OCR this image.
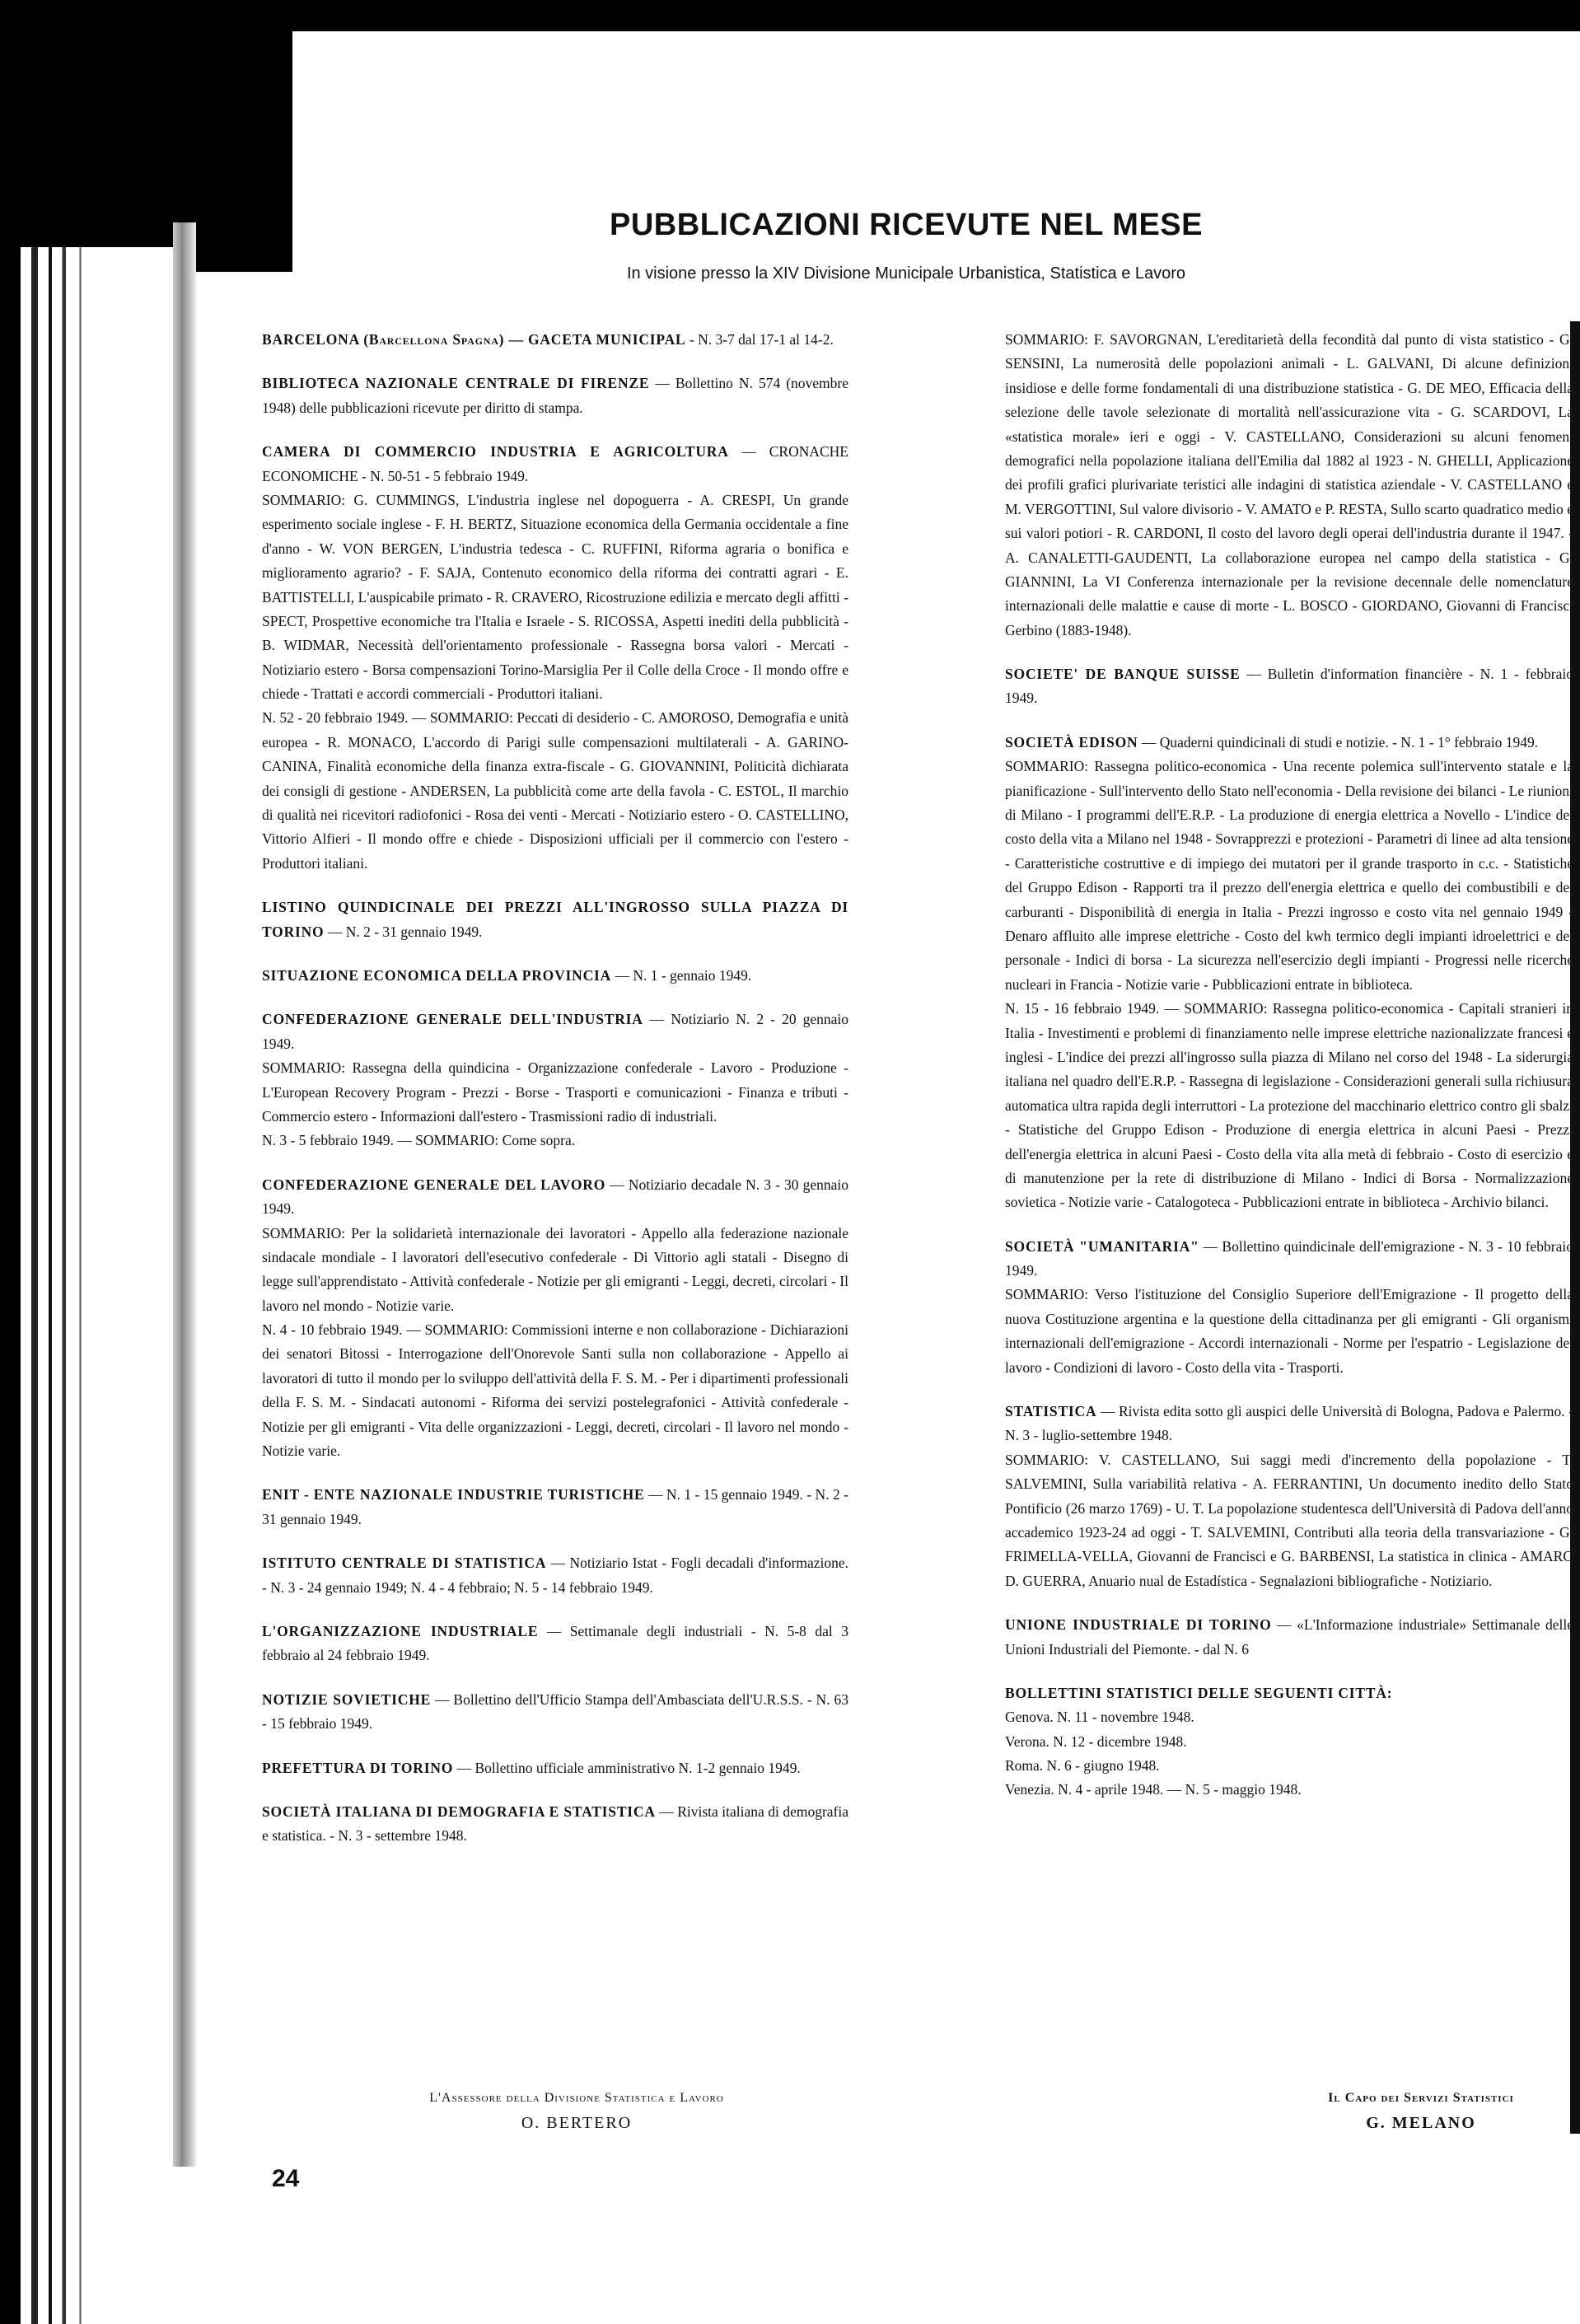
PUBBLICAZIONI RICEVUTE NEL MESE
In visione presso la XIV Divisione Municipale Urbanistica, Statistica e Lavoro

BARCELONA (Barcellona Spagna) — GACETA MUNICIPAL - N. 3-7 dal 17-1 al 14-2.

BIBLIOTECA NAZIONALE CENTRALE DI FIRENZE — Bollettino N. 574 (novembre 1948) delle pubblicazioni ricevute per diritto di stampa.

CAMERA DI COMMERCIO INDUSTRIA E AGRICOLTURA — CRONACHE ECONOMICHE - N. 50-51 - 5 febbraio 1949.

SOMMARIO: G. CUMMINGS, L'industria inglese nel dopoguerra - A. CRESPI, Un grande esperimento sociale inglese - F. H. BERTZ, Situazione economica della Germania occidentale a fine d'anno - W. VON BERGEN, L'industria tedesca - C. RUFFINI, Riforma agraria o bonifica e miglioramento agrario? - F. SAJA, Contenuto economico della riforma dei contratti agrari - E. BATTISTELLI, L'auspicabile primato - R. CRAVERO, Ricostruzione edilizia e mercato degli affitti - SPECT, Prospettive economiche tra l'Italia e Israele - S. RICOSSA, Aspetti inediti della pubblicità - B. WIDMAR, Necessità dell'orientamento professionale - Rassegna borsa valori - Mercati - Notiziario estero - Borsa compensazioni Torino-Marsiglia Per il Colle della Croce - Il mondo offre e chiede - Trattati e accordi commerciali - Produttori italiani.

N. 52 - 20 febbraio 1949. — SOMMARIO: Peccati di desiderio - C. AMOROSO, Demografia e unità europea - R. MONACO, L'accordo di Parigi sulle compensazioni multilaterali - A. GARINO-CANINA, Finalità economiche della finanza extra-fiscale - G. GIOVANNINI, Politicità dichiarata dei consigli di gestione - ANDERSEN, La pubblicità come arte della favola - C. ESTOL, Il marchio di qualità nei ricevitori radiofonici - Rosa dei venti - Mercati - Notiziario estero - O. CASTELLINO, Vittorio Alfieri - Il mondo offre e chiede - Disposizioni ufficiali per il commercio con l'estero - Produttori italiani.

LISTINO QUINDICINALE DEI PREZZI ALL'INGROSSO SULLA PIAZZA DI TORINO — N. 2 - 31 gennaio 1949.

SITUAZIONE ECONOMICA DELLA PROVINCIA — N. 1 - gennaio 1949.

CONFEDERAZIONE GENERALE DELL'INDUSTRIA — Notiziario N. 2 - 20 gennaio 1949.

SOMMARIO: Rassegna della quindicina - Organizzazione confederale - Lavoro - Produzione - L'European Recovery Program - Prezzi - Borse - Trasporti e comunicazioni - Finanza e tributi - Commercio estero - Informazioni dall'estero - Trasmissioni radio di industriali.

N. 3 - 5 febbraio 1949. — SOMMARIO: Come sopra.

CONFEDERAZIONE GENERALE DEL LAVORO — Notiziario decadale N. 3 - 30 gennaio 1949.

SOMMARIO: Per la solidarietà internazionale dei lavoratori - Appello alla federazione nazionale sindacale mondiale - I lavoratori dell'esecutivo confederale - Di Vittorio agli statali - Disegno di legge sull'apprendistato - Attività confederale - Notizie per gli emigranti - Leggi, decreti, circolari - Il lavoro nel mondo - Notizie varie.

N. 4 - 10 febbraio 1949. — SOMMARIO: Commissioni interne e non collaborazione - Dichiarazioni dei senatori Bitossi - Interrogazione dell'Onorevole Santi sulla non collaborazione - Appello ai lavoratori di tutto il mondo per lo sviluppo dell'attività della F. S. M. - Per i dipartimenti professionali della F. S. M. - Sindacati autonomi - Riforma dei servizi postelegrafonici - Attività confederale - Notizie per gli emigranti - Vita delle organizzazioni - Leggi, decreti, circolari - Il lavoro nel mondo - Notizie varie.

ENIT - ENTE NAZIONALE INDUSTRIE TURISTICHE — N. 1 - 15 gennaio 1949. - N. 2 - 31 gennaio 1949.

ISTITUTO CENTRALE DI STATISTICA — Notiziario Istat - Fogli decadali d'informazione. - N. 3 - 24 gennaio 1949; N. 4 - 4 febbraio; N. 5 - 14 febbraio 1949.

L'ORGANIZZAZIONE INDUSTRIALE — Settimanale degli industriali - N. 5-8 dal 3 febbraio al 24 febbraio 1949.

NOTIZIE SOVIETICHE — Bollettino dell'Ufficio Stampa dell'Ambasciata dell'U.R.S.S. - N. 63 - 15 febbraio 1949.

PREFETTURA DI TORINO — Bollettino ufficiale amministrativo N. 1-2 gennaio 1949.

SOCIETÀ ITALIANA DI DEMOGRAFIA E STATISTICA — Rivista italiana di demografia e statistica. - N. 3 - settembre 1948.

SOMMARIO: F. SAVORGNAN, L'ereditarietà della fecondità dal punto di vista statistico - G. SENSINI, La numerosità delle popolazioni animali - L. GALVANI, Di alcune definizioni insidiose e delle forme fondamentali di una distribuzione statistica - G. DE MEO, Efficacia della selezione delle tavole selezionate di mortalità nell'assicurazione vita - G. SCARDOVI, La «statistica morale» ieri e oggi - V. CASTELLANO, Considerazioni su alcuni fenomeni demografici nella popolazione italiana dell'Emilia dal 1882 al 1923 - N. GHELLI, Applicazione dei profili grafici plurivariate teristici alle indagini di statistica aziendale - V. CASTELLANO e M. VERGOTTINI, Sul valore divisorio - V. AMATO e P. RESTA, Sullo scarto quadratico medio e sui valori potiori - R. CARDONI, Il costo del lavoro degli operai dell'industria durante il 1947. - A. CANALETTI-GAUDENTI, La collaborazione europea nel campo della statistica - G. GIANNINI, La VI Conferenza internazionale per la revisione decennale delle nomenclature internazionali delle malattie e cause di morte - L. BOSCO - GIORDANO, Giovanni di Francisci Gerbino (1883-1948).

SOCIETE' DE BANQUE SUISSE — Bulletin d'information financière - N. 1 - febbraio 1949.

SOCIETÀ EDISON — Quaderni quindicinali di studi e notizie. - N. 1 - 1° febbraio 1949.

SOMMARIO: Rassegna politico-economica - Una recente polemica sull'intervento statale e la pianificazione - Sull'intervento dello Stato nell'economia - Della revisione dei bilanci - Le riunioni di Milano - I programmi dell'E.R.P. - La produzione di energia elettrica a Novello - L'indice del costo della vita a Milano nel 1948 - Sovrapprezzi e protezioni - Parametri di linee ad alta tensione - Caratteristiche costruttive e di impiego dei mutatori per il grande trasporto in c.c. - Statistiche del Gruppo Edison - Rapporti tra il prezzo dell'energia elettrica e quello dei combustibili e dei carburanti - Disponibilità di energia in Italia - Prezzi ingrosso e costo vita nel gennaio 1949 - Denaro affluito alle imprese elettriche - Costo del kwh termico degli impianti idroelettrici e del personale - Indici di borsa - La sicurezza nell'esercizio degli impianti - Progressi nelle ricerche nucleari in Francia - Notizie varie - Pubblicazioni entrate in biblioteca.

N. 15 - 16 febbraio 1949. — SOMMARIO: Rassegna politico-economica - Capitali stranieri in Italia - Investimenti e problemi di finanziamento nelle imprese elettriche nazionalizzate francesi e inglesi - L'indice dei prezzi all'ingrosso sulla piazza di Milano nel corso del 1948 - La siderurgia italiana nel quadro dell'E.R.P. - Rassegna di legislazione - Considerazioni generali sulla richiusura automatica ultra rapida degli interruttori - La protezione del macchinario elettrico contro gli sbalzi - Statistiche del Gruppo Edison - Produzione di energia elettrica in alcuni Paesi - Prezzi dell'energia elettrica in alcuni Paesi - Costo della vita alla metà di febbraio - Costo di esercizio e di manutenzione per la rete di distribuzione di Milano - Indici di Borsa - Normalizzazione sovietica - Notizie varie - Catalogoteca - Pubblicazioni entrate in biblioteca - Archivio bilanci.

SOCIETÀ "UMANITARIA" — Bollettino quindicinale dell'emigrazione - N. 3 - 10 febbraio 1949.

SOMMARIO: Verso l'istituzione del Consiglio Superiore dell'Emigrazione - Il progetto della nuova Costituzione argentina e la questione della cittadinanza per gli emigranti - Gli organismi internazionali dell'emigrazione - Accordi internazionali - Norme per l'espatrio - Legislazione del lavoro - Condizioni di lavoro - Costo della vita - Trasporti.

STATISTICA — Rivista edita sotto gli auspici delle Università di Bologna, Padova e Palermo. - N. 3 - luglio-settembre 1948.

SOMMARIO: V. CASTELLANO, Sui saggi medi d'incremento della popolazione - T. SALVEMINI, Sulla variabilità relativa - A. FERRANTINI, Un documento inedito dello Stato Pontificio (26 marzo 1769) - U. T. La popolazione studentesca dell'Università di Padova dell'anno accademico 1923-24 ad oggi - T. SALVEMINI, Contributi alla teoria della transvariazione - G. FRIMELLA-VELLA, Giovanni de Francisci e G. BARBENSI, La statistica in clinica - AMARO D. GUERRA, Anuario nual de Estadística - Segnalazioni bibliografiche - Notiziario.

UNIONE INDUSTRIALE DI TORINO — «L'Informazione industriale» Settimanale delle Unioni Industriali del Piemonte. - dal N. 6

BOLLETTINI STATISTICI DELLE SEGUENTI CITTÀ:

Genova. N. 11 - novembre 1948.

Verona. N. 12 - dicembre 1948.

Roma. N. 6 - giugno 1948.

Venezia. N. 4 - aprile 1948. — N. 5 - maggio 1948.

L'Assessore della Divisione Statistica e Lavoro
O. BERTERO
Il Capo dei Servizi Statistici
G. MELANO
24
